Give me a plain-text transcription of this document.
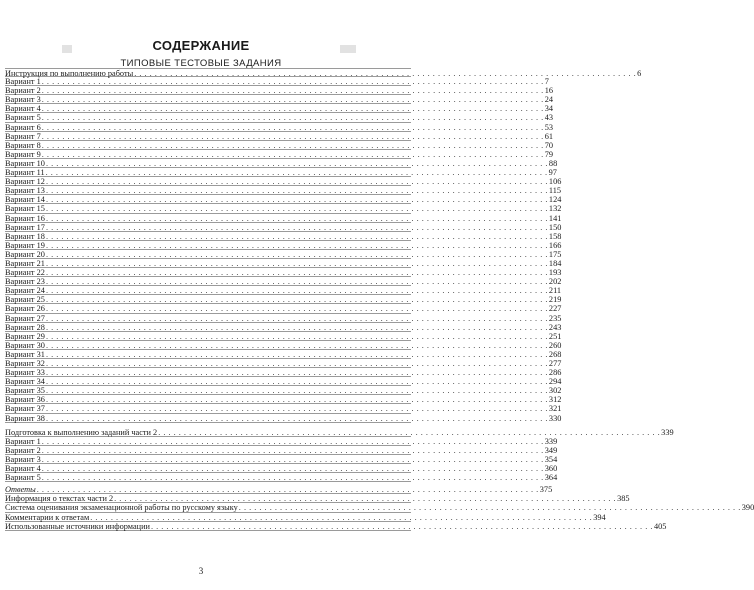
СОДЕРЖАНИЕ
ТИПОВЫЕ ТЕСТОВЫЕ ЗАДАНИЯ
Инструкция по выполнению работы . . .	6
Вариант 1 . . .	7
Вариант 2 . . .	16
Вариант 3 . . .	24
Вариант 4 . . .	34
Вариант 5 . . .	43
Вариант 6 . . .	53
Вариант 7 . . .	61
Вариант 8 . . .	70
Вариант 9 . . .	79
Вариант 10 . . .	88
Вариант 11 . . .	97
Вариант 12 . . .	106
Вариант 13 . . .	115
Вариант 14 . . .	124
Вариант 15 . . .	132
Вариант 16 . . .	141
Вариант 17 . . .	150
Вариант 18 . . .	158
Вариант 19 . . .	166
Вариант 20 . . .	175
Вариант 21 . . .	184
Вариант 22 . . .	193
Вариант 23 . . .	202
Вариант 24 . . .	211
Вариант 25 . . .	219
Вариант 26 . . .	227
Вариант 27 . . .	235
Вариант 28 . . .	243
Вариант 29 . . .	251
Вариант 30 . . .	260
Вариант 31 . . .	268
Вариант 32 . . .	277
Вариант 33 . . .	286
Вариант 34 . . .	294
Вариант 35 . . .	302
Вариант 36 . . .	312
Вариант 37 . . .	321
Вариант 38 . . .	330
Подготовка к выполнению заданий части 2 . . .	339
Вариант 1 . . .	339
Вариант 2 . . .	349
Вариант 3 . . .	354
Вариант 4 . . .	360
Вариант 5 . . .	364
Ответы . . .	375
Информация о текстах части 2 . . .	385
Система оценивания экзаменационной работы по русскому языку . . .	390
Комментарии к ответам . . .	394
Использованные источники информации . . .	405
3
